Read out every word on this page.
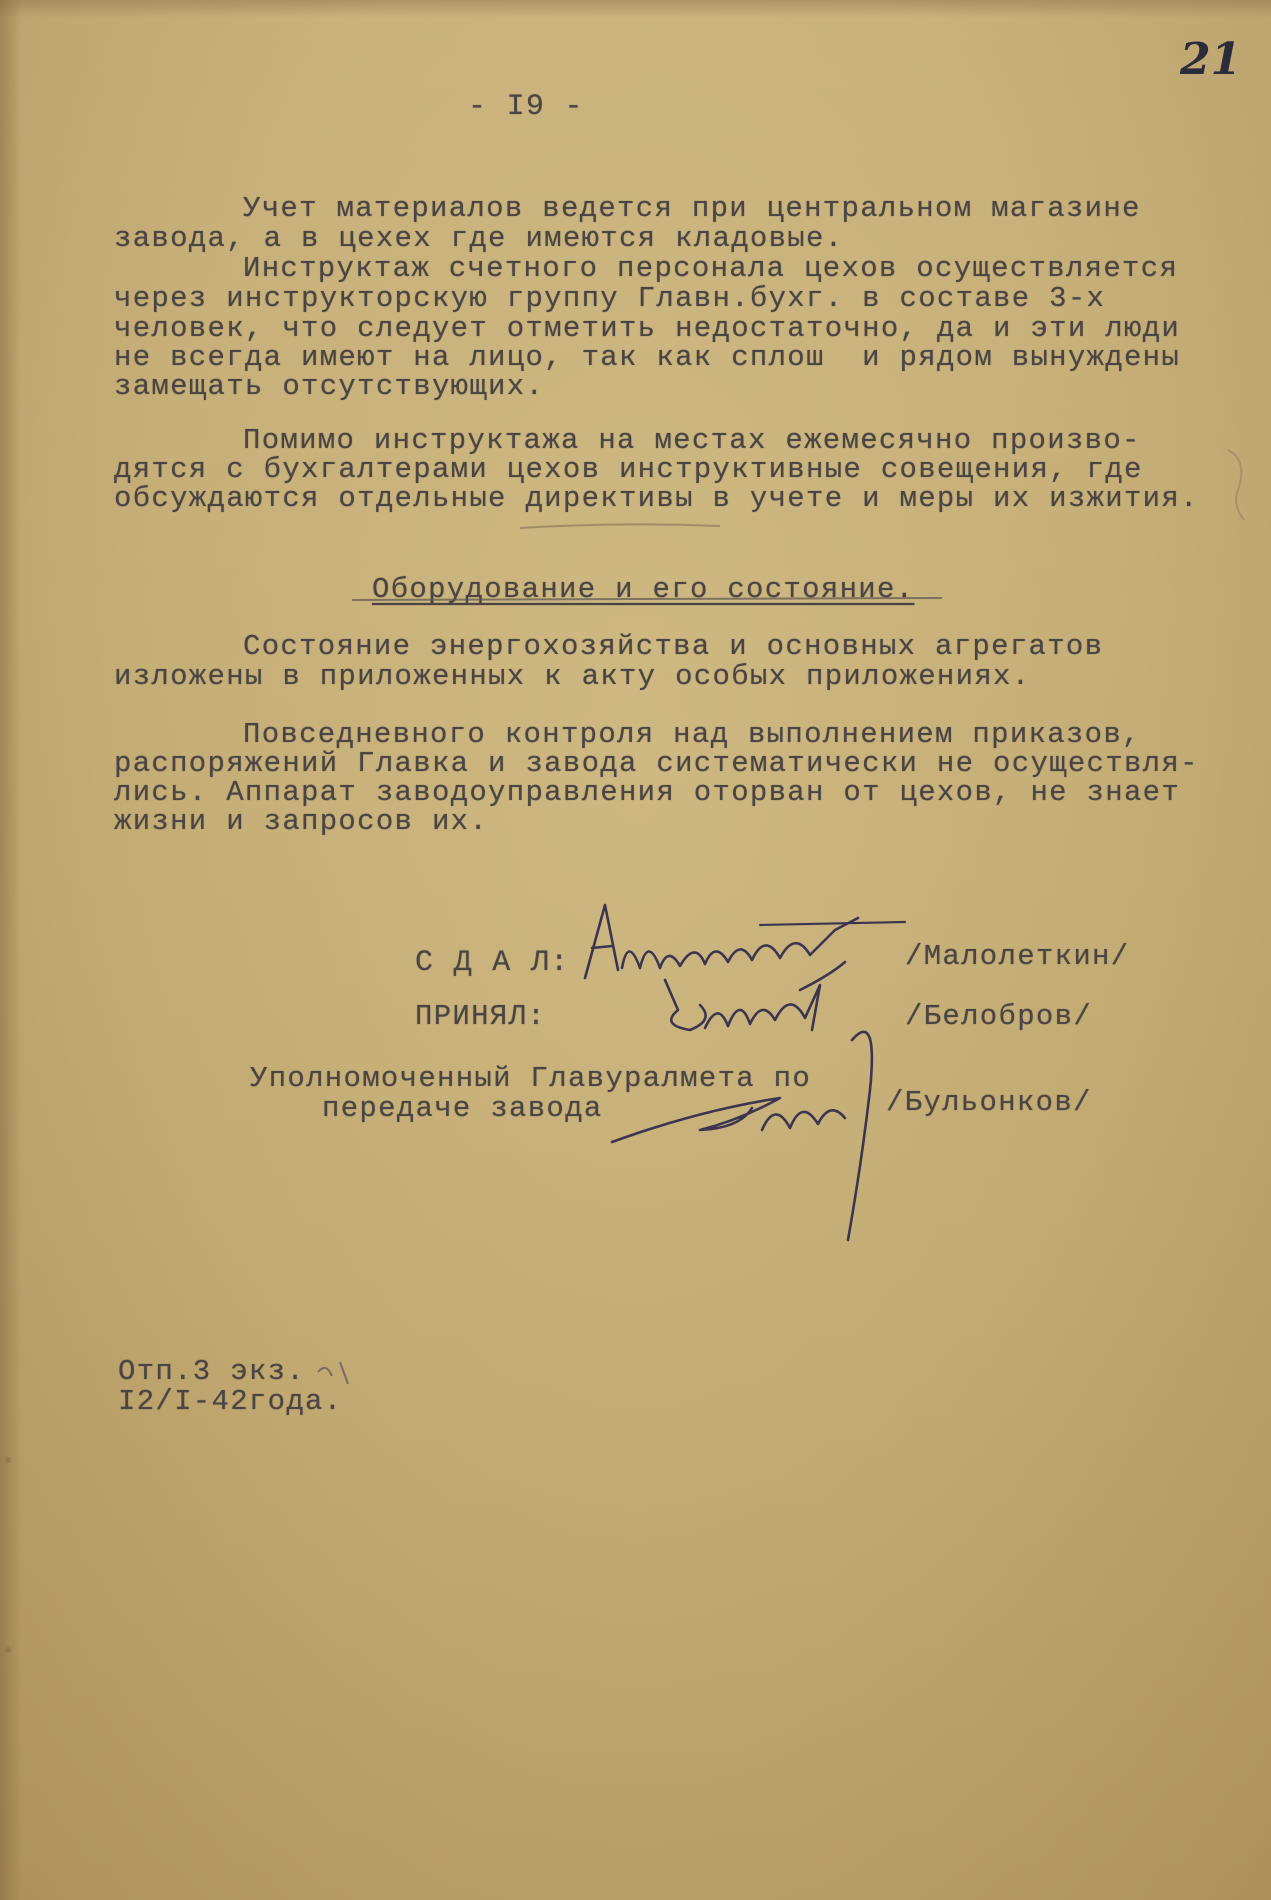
21
- I9 -
Учет материалов ведется при центральном магазине
завода, а в цехех где имеются кладовые.
Инструктаж счетного персонала цехов осуществляется
через инструкторскую группу Главн.бухг. в составе 3-х
человек, что следует отметить недостаточно, да и эти люди
не всегда имеют на лицо, так как сплош  и рядом вынуждены
замещать отсутствующих.
Помимо инструктажа на местах ежемесячно произво-
дятся с бухгалтерами цехов инструктивные совещения, где
обсуждаются отдельные директивы в учете и меры их изжития.
Оборудование и его состояние.
Состояние энергохозяйства и основных агрегатов
изложены в приложенных к акту особых приложениях.
Повседневного контроля над выполнением приказов,
распоряжений Главка и завода систематически не осуществля-
лись. Аппарат заводоуправления оторван от цехов, не знает
жизни и запросов их.
С Д А Л:	/Малолеткин/
ПРИНЯЛ:	/Белобров/
Уполномоченный Главуралмета по
передаче завода	/Бульонков/
Отп.3 экз.
I2/I-42года.
